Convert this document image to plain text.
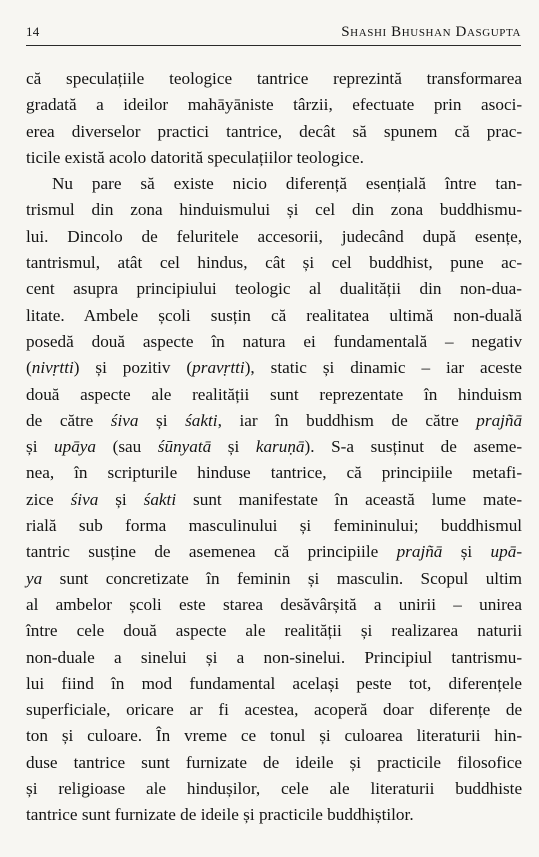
14	Shashi Bhushan Dasgupta
că speculațiile teologice tantrice reprezintă transformarea
gradată a ideilor mahāyāniste târzii, efectuate prin asoci-
erea diverselor practici tantrice, decât să spunem că prac-
ticile există acolo datorită speculațiilor teologice.
Nu pare să existe nicio diferență esențială între tan-
trismul din zona hinduismului și cel din zona buddhismu-
lui. Dincolo de feluritele accesorii, judecând după esențe,
tantrismul, atât cel hindus, cât și cel buddhist, pune ac-
cent asupra principiului teologic al dualității din non-dua-
litate. Ambele școli susțin că realitatea ultimă non-duală
posedă două aspecte în natura ei fundamentală – negativ
(nivṛtti) și pozitiv (pravṛtti), static și dinamic – iar aceste
două aspecte ale realității sunt reprezentate în hinduism
de către śiva și śakti, iar în buddhism de către prajñā
și upāya (sau śūnyatā și karuṇā). S-a susținut de aseme-
nea, în scripturile hinduse tantrice, că principiile metafi-
zice śiva și śakti sunt manifestate în această lume mate-
rială sub forma masculinului și femininului; buddhismul
tantric susține de asemenea că principiile prajñā și upā-
ya sunt concretizate în feminin și masculin. Scopul ultim
al ambelor școli este starea desăvârșită a unirii – unirea
între cele două aspecte ale realității și realizarea naturii
non-duale a sinelui și a non-sinelui. Principiul tantrismu-
lui fiind în mod fundamental același peste tot, diferențele
superficiale, oricare ar fi acestea, acoperă doar diferențe de
ton și culoare. În vreme ce tonul și culoarea literaturii hin-
duse tantrice sunt furnizate de ideile și practicile filosofice
și religioase ale hindușilor, cele ale literaturii buddhiste
tantrice sunt furnizate de ideile și practicile buddhiștilor.
